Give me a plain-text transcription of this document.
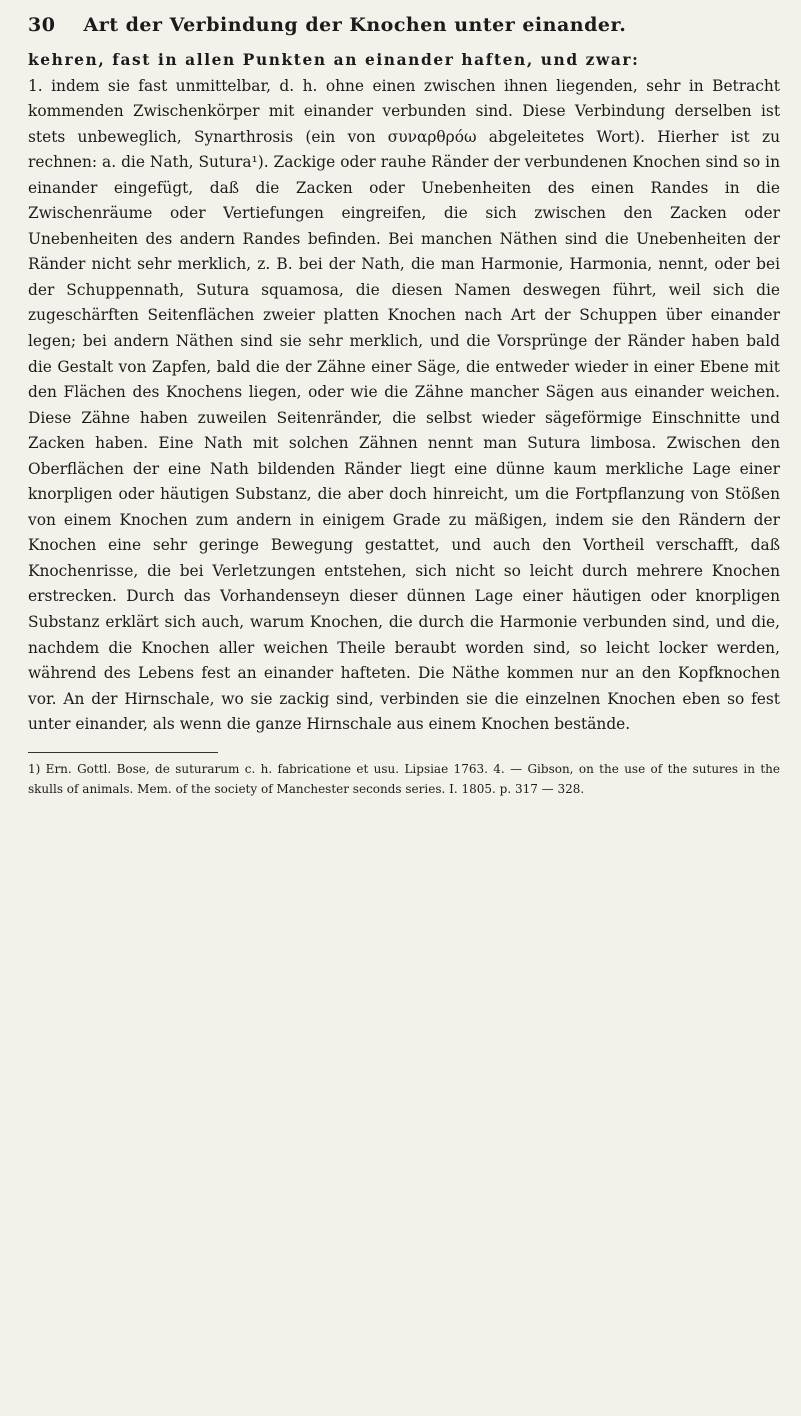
30 Art der Verbindung der Knochen unter einander.

kehren, fast in allen Punkten an einander haften, und zwar:

1. indem sie fast unmittelbar, d. h. ohne einen zwischen ihnen liegenden, sehr in Betracht kommenden Zwischenkörper mit einander verbunden sind. Diese Verbindung derselben ist stets unbeweglich, Synarthrosis (ein von συναρθρόω abgeleitetes Wort). Hierher ist zu rechnen: a. die Nath, Sutura¹). Zackige oder rauhe Ränder der verbundenen Knochen sind so in einander eingefügt, daß die Zacken oder Unebenheiten des einen Randes in die Zwischenräume oder Vertiefungen eingreifen, die sich zwischen den Zacken oder Unebenheiten des andern Randes befinden. Bei manchen Näthen sind die Unebenheiten der Ränder nicht sehr merklich, z. B. bei der Nath, die man Harmonie, Harmonia, nennt, oder bei der Schuppennath, Sutura squamosa, die diesen Namen deswegen führt, weil sich die zugeschärften Seitenflächen zweier platten Knochen nach Art der Schuppen über einander legen; bei andern Näthen sind sie sehr merklich, und die Vorsprünge der Ränder haben bald die Gestalt von Zapfen, bald die der Zähne einer Säge, die entweder wieder in einer Ebene mit den Flächen des Knochens liegen, oder wie die Zähne mancher Sägen aus einander weichen. Diese Zähne haben zuweilen Seitenränder, die selbst wieder sägeförmige Einschnitte und Zacken haben. Eine Nath mit solchen Zähnen nennt man Sutura limbosa. Zwischen den Oberflächen der eine Nath bildenden Ränder liegt eine dünne kaum merkliche Lage einer knorpligen oder häutigen Substanz, die aber doch hinreicht, um die Fortpflanzung von Stößen von einem Knochen zum andern in einigem Grade zu mäßigen, indem sie den Rändern der Knochen eine sehr geringe Bewegung gestattet, und auch den Vortheil verschafft, daß Knochenrisse, die bei Verletzungen entstehen, sich nicht so leicht durch mehrere Knochen erstrecken. Durch das Vorhandenseyn dieser dünnen Lage einer häutigen oder knorpligen Substanz erklärt sich auch, warum Knochen, die durch die Harmonie verbunden sind, und die, nachdem die Knochen aller weichen Theile beraubt worden sind, so leicht locker werden, während des Lebens fest an einander hafteten. Die Näthe kommen nur an den Kopfknochen vor. An der Hirnschale, wo sie zackig sind, verbinden sie die einzelnen Knochen eben so fest unter einander, als wenn die ganze Hirnschale aus einem Knochen bestände.

1) Ern. Gottl. Bose, de suturarum c. h. fabricatione et usu. Lipsiae 1763. 4. — Gibson, on the use of the sutures in the skulls of animals. Mem. of the society of Manchester seconds series. I. 1805. p. 317 — 328.
